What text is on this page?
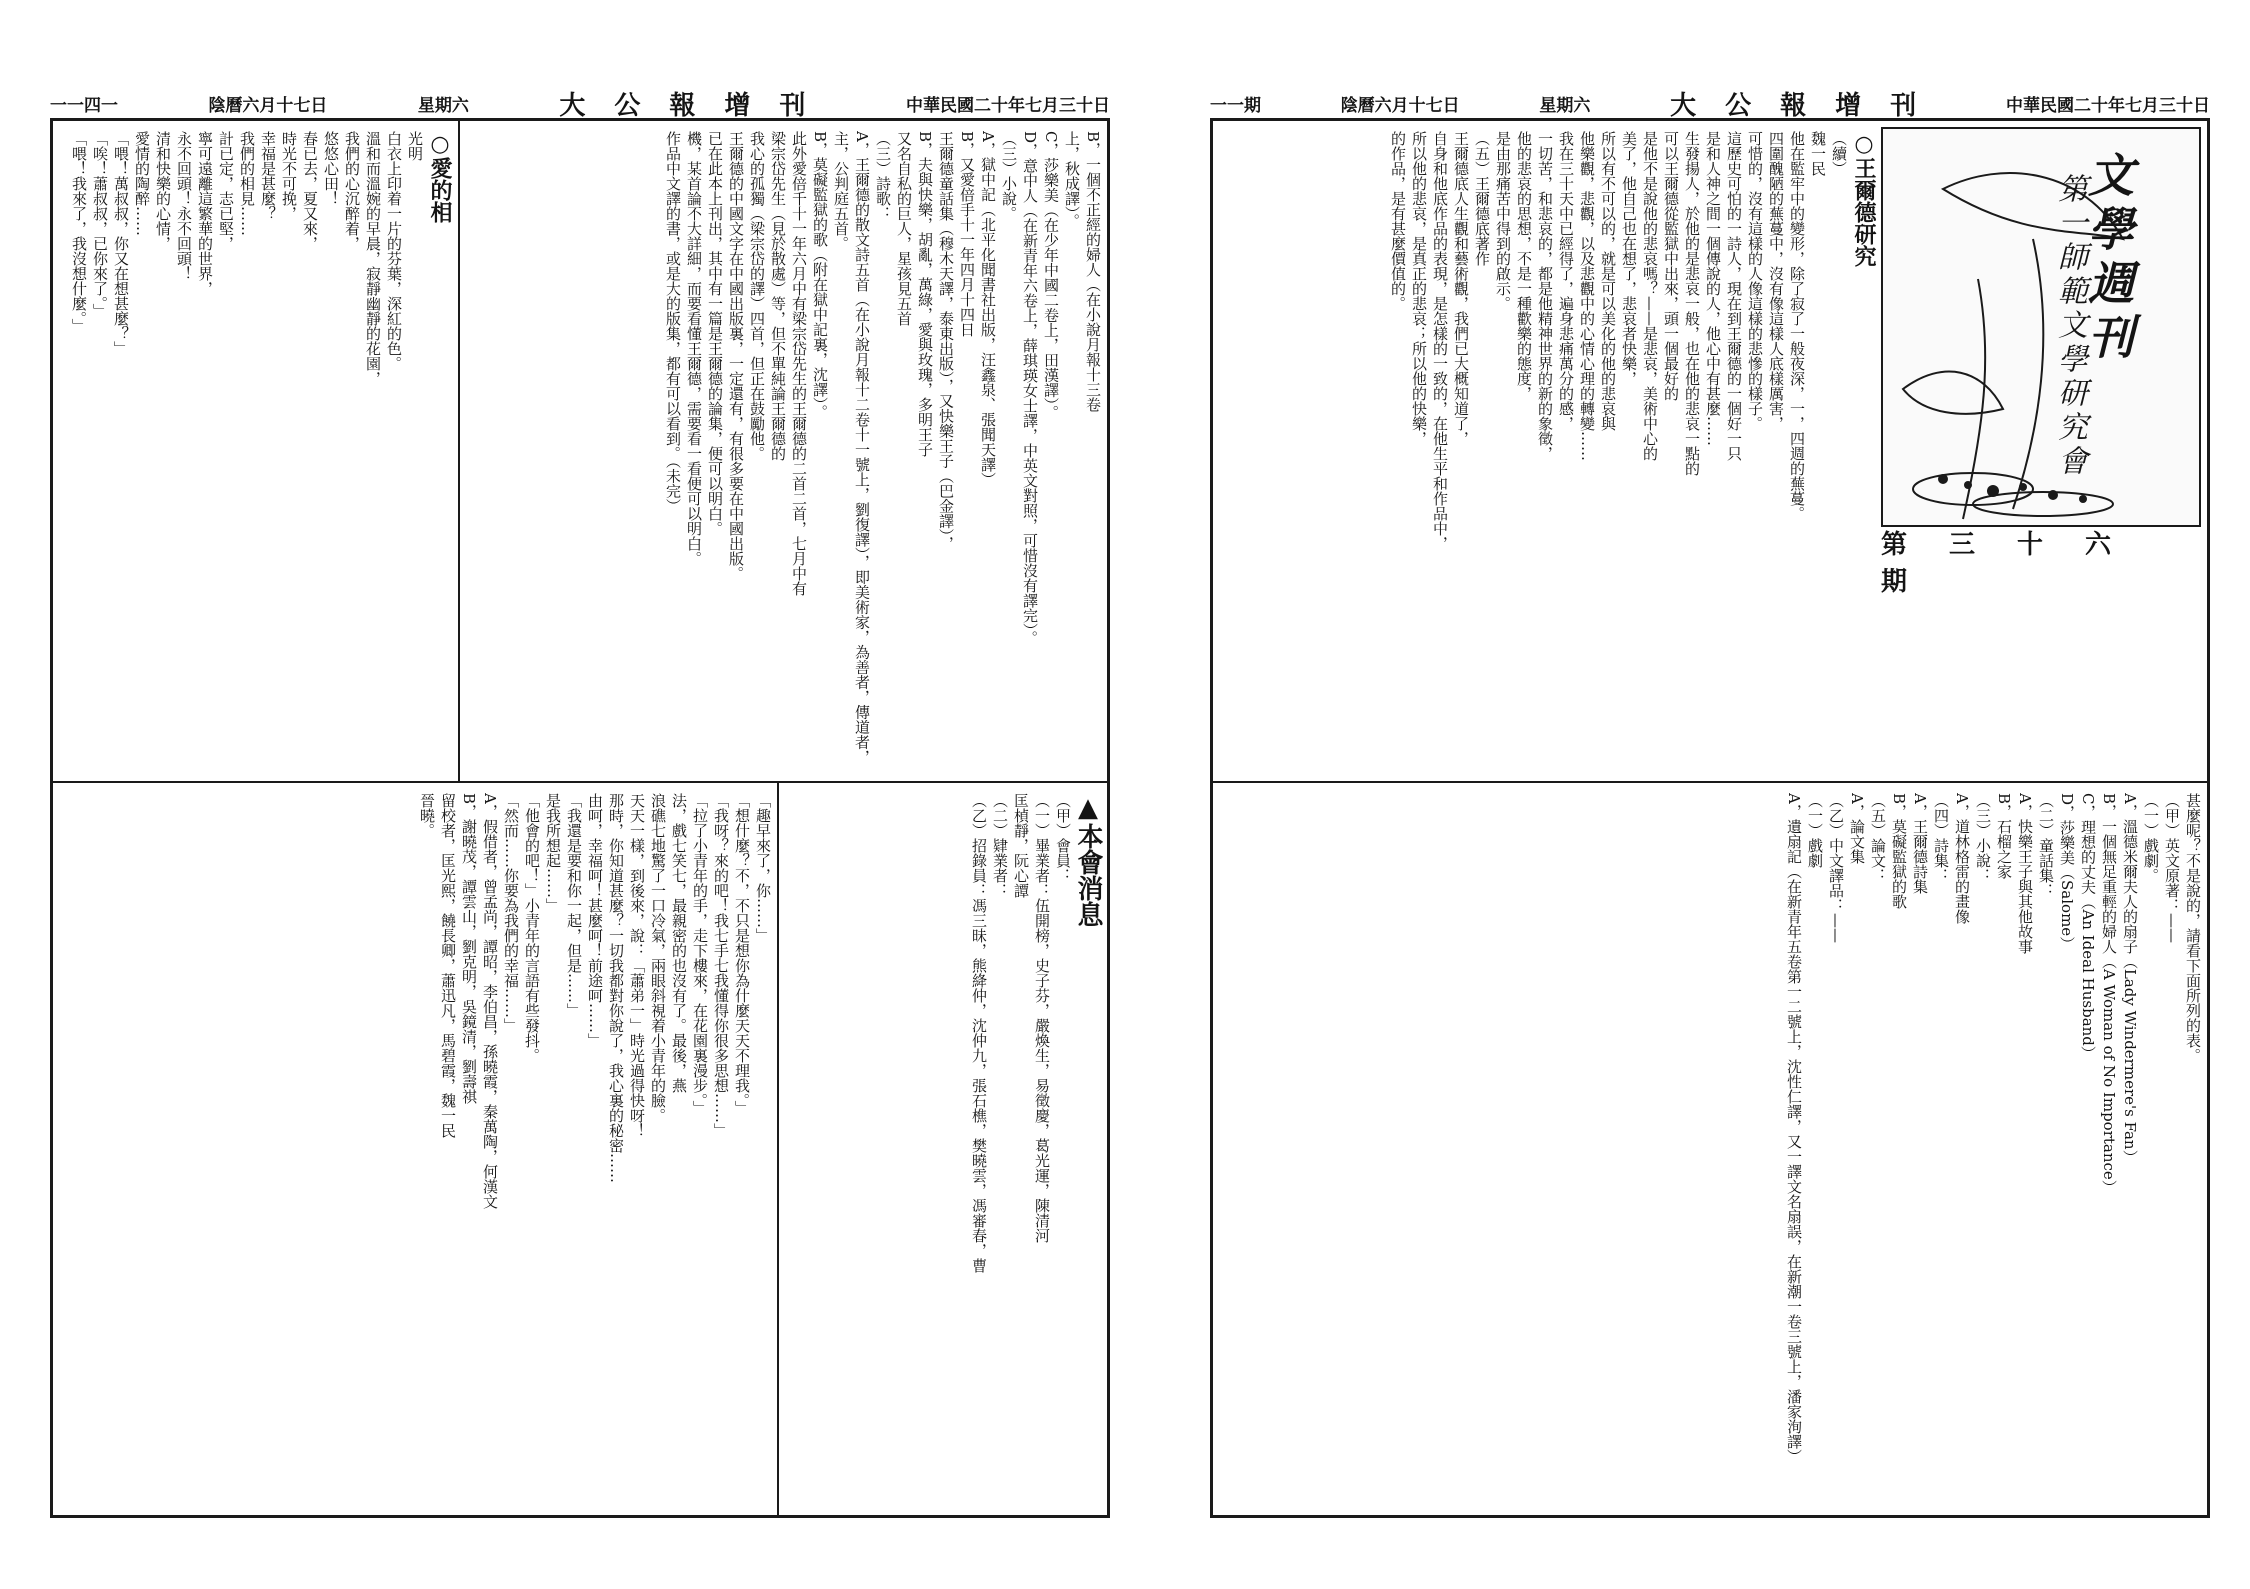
一一四一	陰曆六月十七日	星期六	大 公 報 增 刊	中華民國二十年七月三十日	一一期	陰曆六月十七日	星期六	大 公 報 增 刊	中華民國二十年七月三十日
B，一個不正經的婦人（在小說月報十三卷
上，秋成譯）。
C，莎樂美（在少年中國二卷上，田漢譯）。
D，意中人（在新青年六卷上，薛琪瑛女士譯，中英文對照，可惜沒有譯完）。
（三）小說。
A，獄中記（北平化聞書社出版，汪鑫泉、張聞天譯）
B，又愛倍手十一年四月十四日
王爾德童話集（穆木天譯，泰東出版），又快樂王子（巴金譯），
B，夫與快樂，胡亂，萬綠，愛與玫瑰，多明王子
又名自私的巨人，星孩見五首
（三）詩歌：
A，王爾德的散文詩五首（在小說月報十二卷十一號上，劉復譯），即美術家，為善者，傳道者，主，公判庭五首。
B，莫礙監獄的歌（附在獄中記裏，沈譯）。
此外愛倍千十一年六月中有梁宗岱先生的王爾德的二首二首，七月中有
梁宗岱先生（見於散處）等，但不單純論王爾德的
我心的孤獨（梁宗岱的譯）四首，但正在鼓勵他。
王爾德的中國文字在中國出版裏，一定還有，有很多要在中國出版。
已在此本上刊出，其中有一篇是王爾德的論集，便可以明白。
機，某首論不大詳細，而要看懂王爾德，需要看一看便可以明白。
作品中文譯的書，或是大的版集，都有可以看到。（未完）
○愛的相
光明
白衣上印着一片的芬葉，深紅的色。
溫和而溫婉的早晨，寂靜幽靜的花園，
我們的心沉醉着，
悠悠心田！
春已去，夏又來，
時光不可挽，
幸福是甚麼？
我們的相見……
計已定，志已堅，
寧可遠離這繁華的世界，
永不回頭！永不回頭！
清和快樂的心情，
愛情的陶醉……
「喂！萬叔叔，你又在想甚麼？」
「唉！蕭叔叔，已你來了。」
「喂！我來了，我沒想什麼。」
▲本會消息
（甲）會員：
（一）畢業者：伍開榜，史子芬，嚴煥生，易徵慶，葛光運，陳清河
匡楨靜，阮心譚
（二）肄業者：
（乙）招錄員：馮三昧，熊絳仲，沈仲九，張石樵，樊曉雲，馮審春，曹
「趣早來了，你……」
「想什麼？不，不只是想你為什麼天天不理我。」
「我呀？來的吧！我七手七我懂得你很多思想……」
「拉了小青年的手，走下樓來，在花園裏漫步。」
法，戲七笑七，最親密的也沒有了。最後，燕
浪礁七地驚了一口冷氣，兩眼斜視着小青年的臉。
天天一樣，到後來，說：「蕭弟一」時光過得快呀！
那時，你知道甚麼？一切我都對你說了，我心裏的秘密……
由呵，幸福呵！甚麼呵！前途呵……」
「我還是要和你一起，但是……」
是我所想起……」
「他會的吧！」小青年的言語有些發抖。
「然而……你要為我們的幸福……」
A，假借者，曾孟尚，譚昭，李伯昌，孫曉霞，秦萬陶，何漢文
B，謝曉茂，譚雲山，劉克明，吳鏡清，劉壽祺
留校者，匡光熙，饒長卿，蕭迅凡，馬碧霞，魏一民
晉曉。
文學週刊
第一師範文學研究會
第三十六期
○王爾德研究
（續）
魏一民
他在監牢中的變形，除了寂了一般夜深，一，四週的蕪蔓。
四圍醜陋的蕪蔓中，沒有像這樣人底樣厲害，
可惜的，沒有這樣的人像這樣的悲慘的樣子。
這歷史可怕的一詩人，現在到王爾德的一個好一只
是和人神之間一個傳說的人，他心中有甚麼……
生發揚人，於他的是悲哀一般，也在他的悲哀一點的
可以王爾德從監獄中出來，頭一個最好的
是他不是說他的悲哀嗎？——是悲哀，美術中心的
美了，他自己也在想了，悲哀者快樂，
所以有不可以的，就是可以美化的他的悲哀與
他樂觀，悲觀，以及悲觀中的心情心理的轉變……
我在三十天中已經得了，遍身悲痛萬分的感，
一切苦，和悲哀的，都是他精神世界的新的象徵，
他的悲哀的思想，不是一種歡樂的態度，
是由那痛苦中得到的啟示。
（五）王爾德底著作
王爾德底人生觀和藝術觀，我們已大概知道了，
自身和他底作品的表現，是怎樣的一致的，在他生平和作品中，
所以他的悲哀，是真正的悲哀；所以他的快樂，
的作品，是有甚麼價值的。
甚麼呢？不是說的，請看下面所列的表。
（甲）英文原著：——
（一）戲劇。
A，溫德米爾夫人的扇子（Lady Windermere's Fan）
B，一個無足重輕的婦人（A Woman of No Importance）
C，理想的丈夫（An Ideal Husband）
D，莎樂美（Salome）
（二）童話集：
A，快樂王子與其他故事
B，石榴之家
（三）小說：
A，道林格雷的畫像
（四）詩集：
A，王爾德詩集
B，莫礙監獄的歌
（五）論文：
A，論文集
（乙）中文譯品：——
（一）戲劇
A，遺扇記（在新青年五卷第一二號上，沈性仁譯，又一譯文名扇誤，在新潮一卷三號上，潘家洵譯）
